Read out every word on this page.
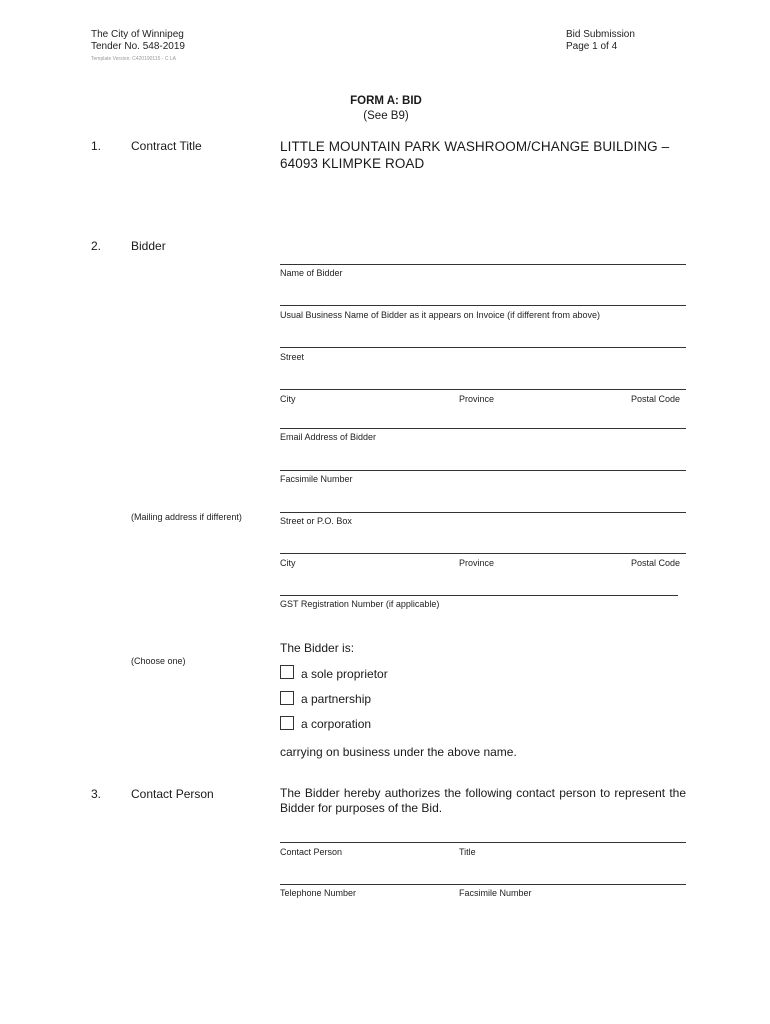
The City of Winnipeg
Tender No. 548-2019
Template Version: C420190115 - C LA
Bid Submission
Page 1 of 4
FORM A: BID
(See B9)
1. Contract Title	LITTLE MOUNTAIN PARK WASHROOM/CHANGE BUILDING –
64093 KLIMPKE ROAD
2. Bidder
Name of Bidder
Usual Business Name of Bidder as it appears on Invoice (if different from above)
Street
City	Province	Postal Code
Email Address of Bidder
Facsimile Number
(Mailing address if different)	Street or P.O. Box
City	Province	Postal Code
GST Registration Number (if applicable)
The Bidder is:
(Choose one)
a sole proprietor
a partnership
a corporation
carrying on business under the above name.
3. Contact Person	The Bidder hereby authorizes the following contact person to represent the Bidder for purposes of the Bid.
Contact Person	Title
Telephone Number	Facsimile Number
